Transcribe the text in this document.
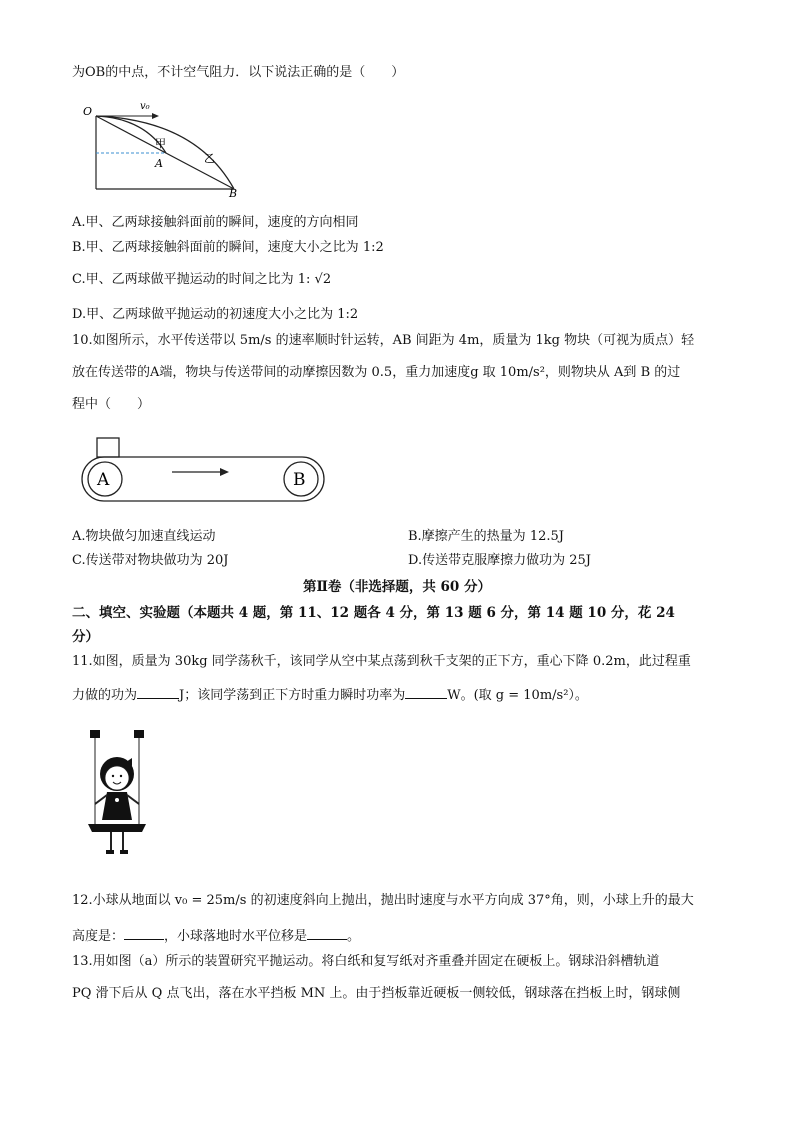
为OB的中点，不计空气阻力．以下说法正确的是（　　）
O	v₀
甲
A	乙
B
A.甲、乙两球接触斜面前的瞬间，速度的方向相同
B.甲、乙两球接触斜面前的瞬间，速度大小之比为 1:2
C.甲、乙两球做平抛运动的时间之比为 1: √2
D.甲、乙两球做平抛运动的初速度大小之比为 1:2
10.如图所示，水平传送带以 5m/s 的速率顺时针运转，AB 间距为 4m，质量为 1kg 物块（可视为质点）轻
放在传送带的A端，物块与传送带间的动摩擦因数为 0.5，重力加速度g 取 10m/s²，则物块从 A到 B 的过
程中（　　）
A	B
A.物块做匀加速直线运动	B.摩擦产生的热量为 12.5J
C.传送带对物块做功为 20J	D.传送带克服摩擦力做功为 25J
第Ⅱ卷（非选择题，共 60 分）
二、填空、实验题（本题共 4 题，第 11、12 题各 4 分，第 13 题 6 分，第 14 题 10 分，花 24
分）
11.如图，质量为 30kg 同学荡秋千，该同学从空中某点荡到秋千支架的正下方，重心下降 0.2m，此过程重
力做的功为	J；该同学荡到正下方时重力瞬时功率为	W。(取 g = 10m/s²）。
12.小球从地面以 v₀ = 25m/s 的初速度斜向上抛出，抛出时速度与水平方向成 37°角，则，小球上升的最大
高度是：	，小球落地时水平位移是	。
13.用如图（a）所示的装置研究平抛运动。将白纸和复写纸对齐重叠并固定在硬板上。钢球沿斜槽轨道
PQ 滑下后从 Q 点飞出，落在水平挡板 MN 上。由于挡板靠近硬板一侧较低，钢球落在挡板上时，钢球侧
